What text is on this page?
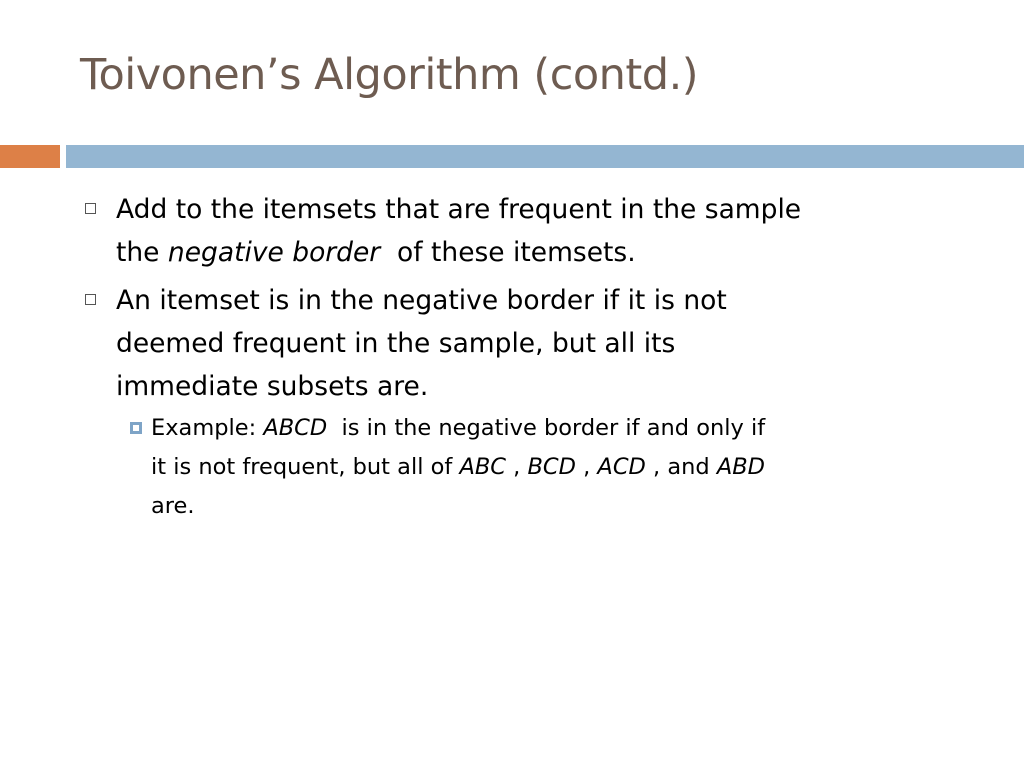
Toivonen’s Algorithm (contd.)
Add to the itemsets that are frequent in the sample
the negative border  of these itemsets.
An itemset is in the negative border if it is not
deemed frequent in the sample, but all its
immediate subsets are.
Example: ABCD  is in the negative border if and only if
it is not frequent, but all of ABC , BCD , ACD , and ABD
are.
